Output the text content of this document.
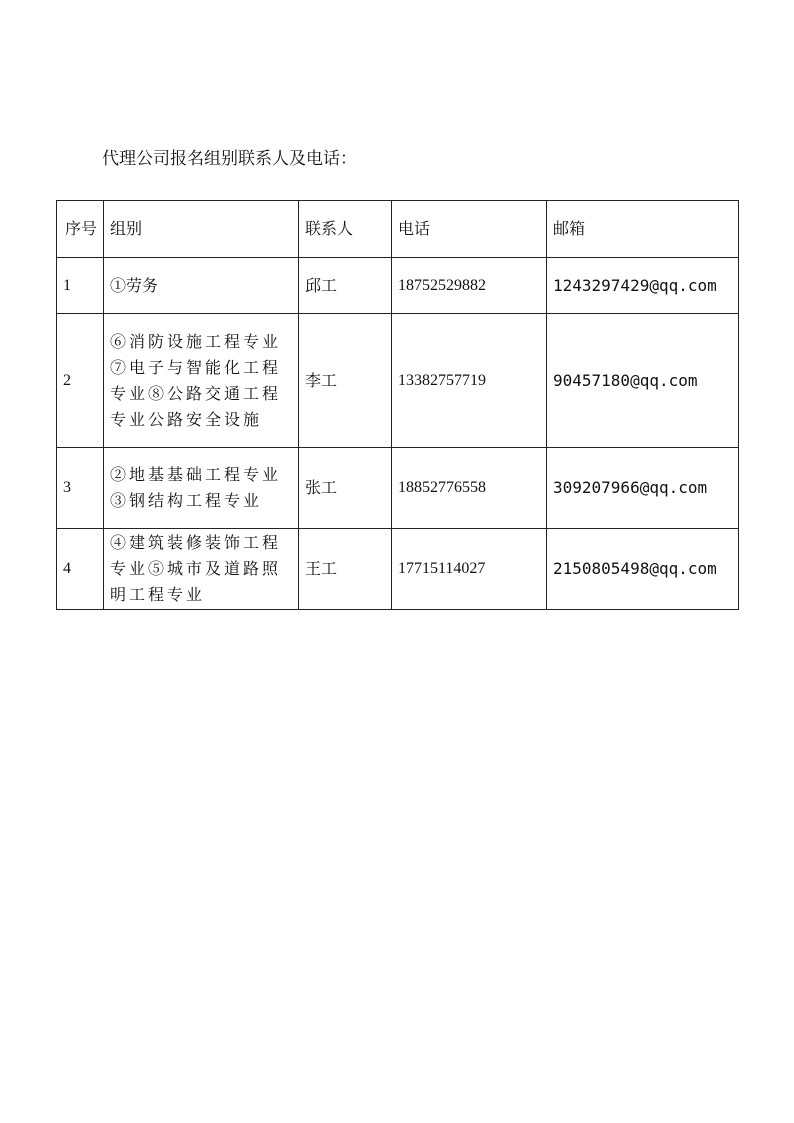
代理公司报名组别联系人及电话：
序号	组别	联系人	电话	邮箱
1	①劳务	邱工	18752529882	1243297429@qq.com
2	⑥消防设施工程专业⑦电子与智能化工程专业⑧公路交通工程专业公路安全设施	李工	13382757719	90457180@qq.com
3	②地基基础工程专业③钢结构工程专业	张工	18852776558	309207966@qq.com
4	④建筑装修装饰工程专业⑤城市及道路照明工程专业	王工	17715114027	2150805498@qq.com
